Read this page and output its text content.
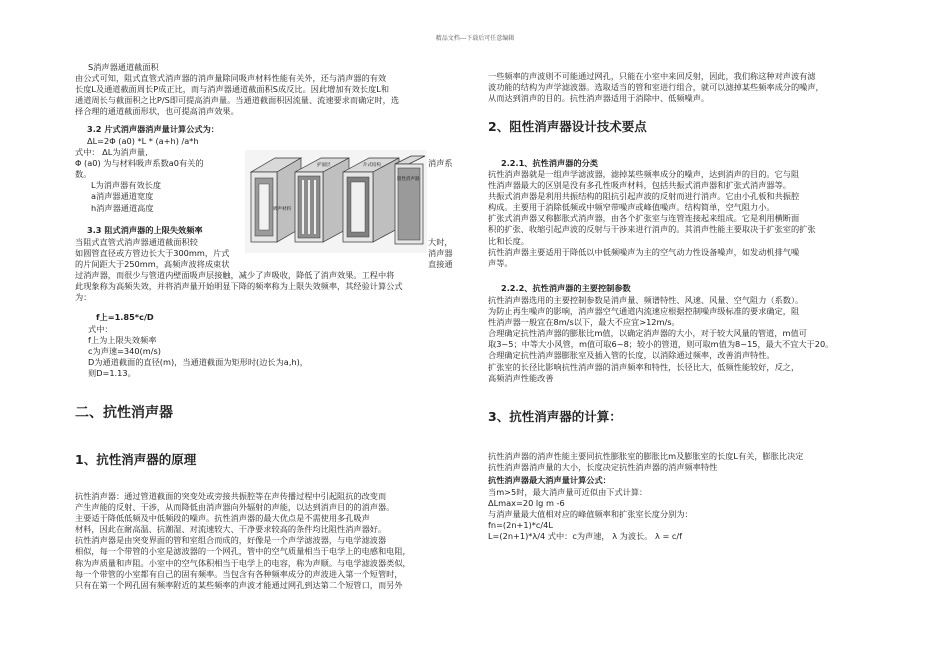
精品文档---下载后可任意编辑
S消声器通道截面积
由公式可知，阻式直管式消声器的消声量除同吸声材料性能有关外，还与消声器的有效
长度L及通道截面周长P成正比，而与消声器通道截面积S成反比。因此增加有效长度L和
通道周长与截面积之比P/S即可提高消声量。当通道截面积因流量、流速要求而确定时，选
择合理的通道截面形状，也可提高消声效果。
3.2 片式消声器消声量计算公式为：
ΔL=2Φ (a0) *L * (a+h) /a*h
式中： ΔL为消声量,
Φ (a0) 为与材料吸声系数a0有关的
数。
L为消声器有效长度
a消声器通道宽度
h消声器通道高度
消声系
3.3 阻式消声器的上限失效频率
当阻式直管式消声器通道截面积较
如圆管直径或方管边长大于300mm，片式
的片间距大于250mm，高频声波将成束状
过消声器，而很少与管道内壁面吸声层接触，减少了声吸收，降低了消声效果。工程中将
此现象称为高频失效，并将消声量开始明显下降的频率称为上限失效频率，其经验计算公式
为：
大时，
消声器
直接通
f上=1.85*c/D
式中：
f上为上限失效频率
c为声速=340(m/s)
D为通道截面的直径(m)，当通道截面为矩形时(边长为a,h)，
则D=1.13。
二、抗性消声器
1、抗性消声器的原理
抗性消声器：通过管道截面的突变处或旁接共振腔等在声传播过程中引起阻抗的改变而
产生声能的反射、干涉，从而降低由消声器向外辐射的声能，以达到消声目的的消声器。
主要适于降低低频及中低频段的噪声。抗性消声器的最大优点是不需使用多孔吸声
材料，因此在耐高温、抗潮湿、对流速较大、干净要求较高的条件均比阻性消声器好。
抗性消声器是由突变界面的管和室组合而成的，好像是一个声学滤波器，与电学滤波器
相似，每一个带管的小室是滤波器的一个网孔，管中的空气质量相当于电学上的电感和电阻，
称为声质量和声阻。小室中的空气体积相当于电学上的电容，称为声顺。与电学滤波器类似，
每一个带管的小室都有自己的固有频率。当包含有各种频率成分的声波进入第一个短管时，
只有在第一个网孔固有频率附近的某些频率的声波才能通过网孔到达第二个短管口，而另外
吸声材料
护面层	片式结构
阻性消声器
一些频率的声波则不可能通过网孔，只能在小室中来回反射，因此，我们称这种对声波有滤
波功能的结构为声学滤波器。选取适当的管和室进行组合，就可以滤掉某些频率成分的噪声，
从而达到消声的目的。抗性消声器适用于消除中、低频噪声。
2、阻性消声器设计技术要点
2.2.1、抗性消声器的分类
抗性消声器就是一组声学滤波器，滤掉某些频率成分的噪声，达到消声的目的。它与阻
性消声器最大的区别是没有多孔性吸声材料，包括共振式消声器和扩张式消声器等。
共振式消声器是利用共振结构的阻抗引起声波的反射而进行消声。它由小孔板和共振腔
构成。主要用于消除低频或中频窄带噪声或峰值噪声。结构简单，空气阻力小。
扩张式消声器又称膨胀式消声器，由各个扩张室与连管连接起来组成。它是利用横断面
积的扩张、收缩引起声波的反射与干涉来进行消声的。其消声性能主要取决于扩张室的扩张
比和长度。
抗性消声器主要适用于降低以中低频噪声为主的空气动力性设备噪声，如发动机排气噪
声等。
2.2.2、抗性消声器的主要控制参数
抗性消声器选用的主要控制参数是消声量、频谱特性、风速、风量、空气阻力（系数）。
为防止再生噪声的影响，消声器空气通道内流速应根据控制噪声级标准的要求确定，阻
性消声器一般宜在8m/s以下，最大不应宜>12m/s。
合理确定抗性消声器的膨胀比m值，以确定消声器的大小，对于较大风量的管道，m值可
取3~5；中等大小风管，m值可取6~8；较小的管道，则可取m值为8~15，最大不宜大于20。
合理确定抗性消声器膨胀室及插入管的长度，以消除通过频率，改善消声特性。
扩张室的长径比影响抗性消声器的消声频率和特性，长径比大，低频性能较好，反之，
高频消声性能改善
3、抗性消声器的计算：
抗性消声器的消声性能主要同抗性膨胀室的膨胀比m及膨胀室的长度L有关，膨胀比决定
抗性消声器消声量的大小，长度决定抗性消声器的消声频率特性
抗性消声器最大消声量计算公式：
当m>5时，最大消声量可近似由下式计算：
ΔLmax=20 lg m -6
与消声量最大值相对应的峰值频率和扩张室长度分别为：
fn=(2n+1)*c/4L
L=(2n+1)*λ/4 式中：c为声速， λ 为波长。 λ = c/f
